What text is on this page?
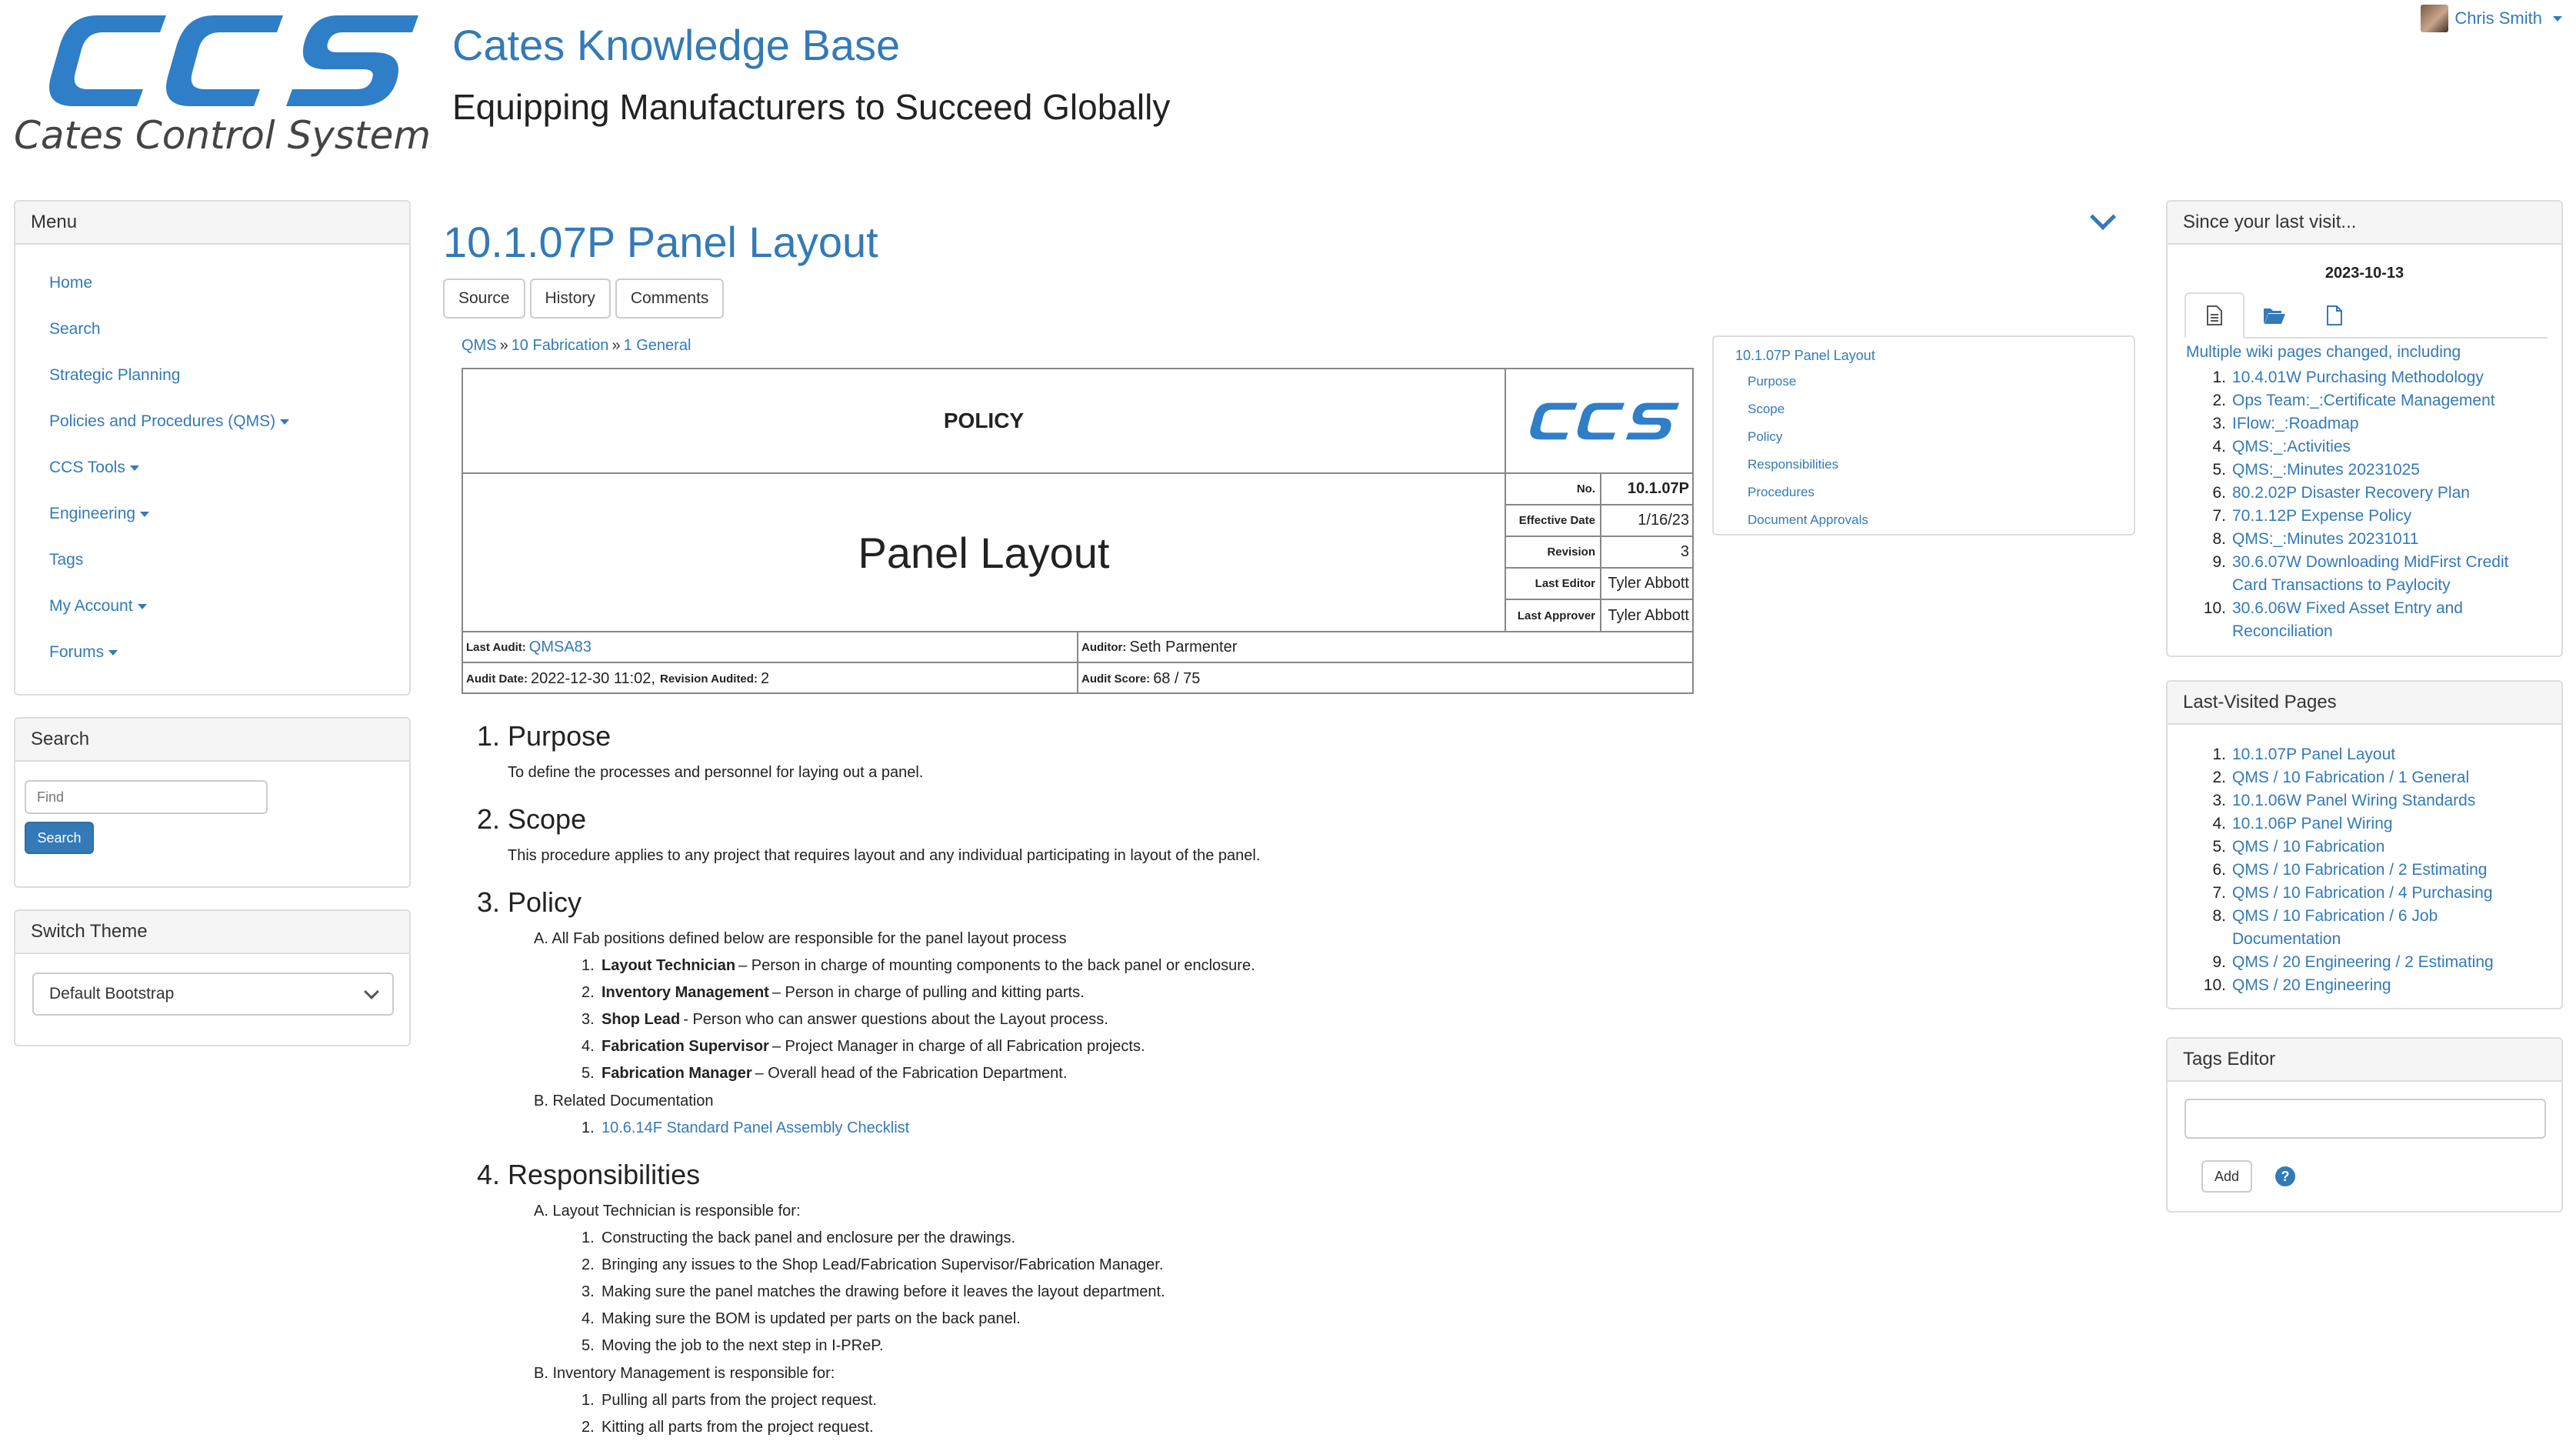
Cates Control Systems
Cates Knowledge Base
Equipping Manufacturers to Succeed Globally
Chris Smith
Menu
Home
Search
Strategic Planning
Policies and Procedures (QMS)
CCS Tools
Engineering
Tags
My Account
Forums
Search
Find
Search
Switch Theme
Default Bootstrap
10.1.07P Panel Layout
Source	History	Comments
QMS » 10 Fabrication » 1 General
POLICY
Panel Layout
No.	10.1.07P
Effective Date	1/16/23
Revision	3
Last Editor Tyler Abbott
Last Approver Tyler Abbott
Last Audit: QMSA83	Auditor: Seth Parmenter
Audit Date: 2022-12-30 11:02, Revision Audited: 2	Audit Score: 68 / 75
1. Purpose
To define the processes and personnel for laying out a panel.
2. Scope
This procedure applies to any project that requires layout and any individual participating in layout of the panel.
3. Policy
A. All Fab positions defined below are responsible for the panel layout process
1. Layout Technician – Person in charge of mounting components to the back panel or enclosure.
2. Inventory Management – Person in charge of pulling and kitting parts.
3. Shop Lead - Person who can answer questions about the Layout process.
4. Fabrication Supervisor – Project Manager in charge of all Fabrication projects.
5. Fabrication Manager – Overall head of the Fabrication Department.
B. Related Documentation
1. 10.6.14F Standard Panel Assembly Checklist
4. Responsibilities
A. Layout Technician is responsible for:
1. Constructing the back panel and enclosure per the drawings.
2. Bringing any issues to the Shop Lead/Fabrication Supervisor/Fabrication Manager.
3. Making sure the panel matches the drawing before it leaves the layout department.
4. Making sure the BOM is updated per parts on the back panel.
5. Moving the job to the next step in I-PReP.
B. Inventory Management is responsible for:
1. Pulling all parts from the project request.
2. Kitting all parts from the project request.
10.1.07P Panel Layout
Purpose
Scope
Policy
Responsibilities
Procedures
Document Approvals
Since your last visit...
2023-10-13
Multiple wiki pages changed, including
1. 10.4.01W Purchasing Methodology
2. Ops Team:_:Certificate Management
3. IFlow:_:Roadmap
4. QMS:_:Activities
5. QMS:_:Minutes 20231025
6. 80.2.02P Disaster Recovery Plan
7. 70.1.12P Expense Policy
8. QMS:_:Minutes 20231011
9. 30.6.07W Downloading MidFirst Credit Card Transactions to Paylocity
10. 30.6.06W Fixed Asset Entry and Reconciliation
Last-Visited Pages
1. 10.1.07P Panel Layout
2. QMS / 10 Fabrication / 1 General
3. 10.1.06W Panel Wiring Standards
4. 10.1.06P Panel Wiring
5. QMS / 10 Fabrication
6. QMS / 10 Fabrication / 2 Estimating
7. QMS / 10 Fabrication / 4 Purchasing
8. QMS / 10 Fabrication / 6 Job Documentation
9. QMS / 20 Engineering / 2 Estimating
10. QMS / 20 Engineering
Tags Editor
Add	?
